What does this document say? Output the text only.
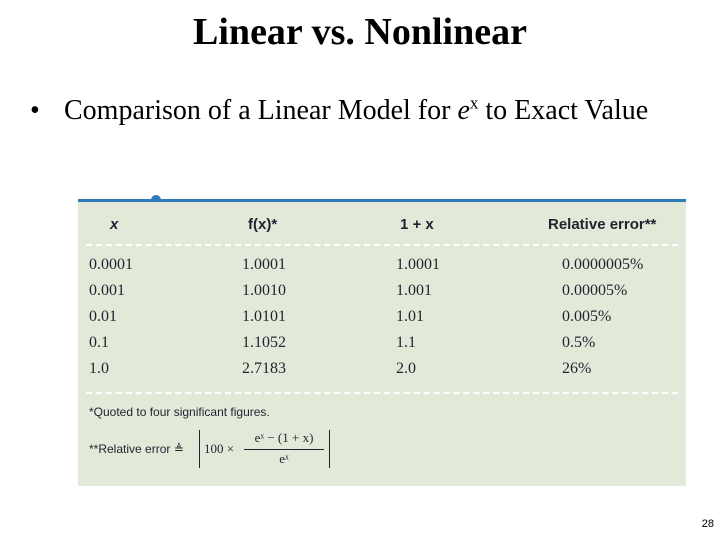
Linear vs. Nonlinear
• Comparison of a Linear Model for $e^x$ to Exact Value
x	f(x)*	1 + x	Relative error**
0.0001	1.0001	1.0001	0.0000005%
0.001	1.0010	1.001	0.00005%
0.01	1.0101	1.01	0.005%
0.1	1.1052	1.1	0.5%
1.0	2.7183	2.0	26%
*Quoted to four significant figures.
**Relative error ≜ 100 ×
eˣ − (1 + x)
eˣ
28
